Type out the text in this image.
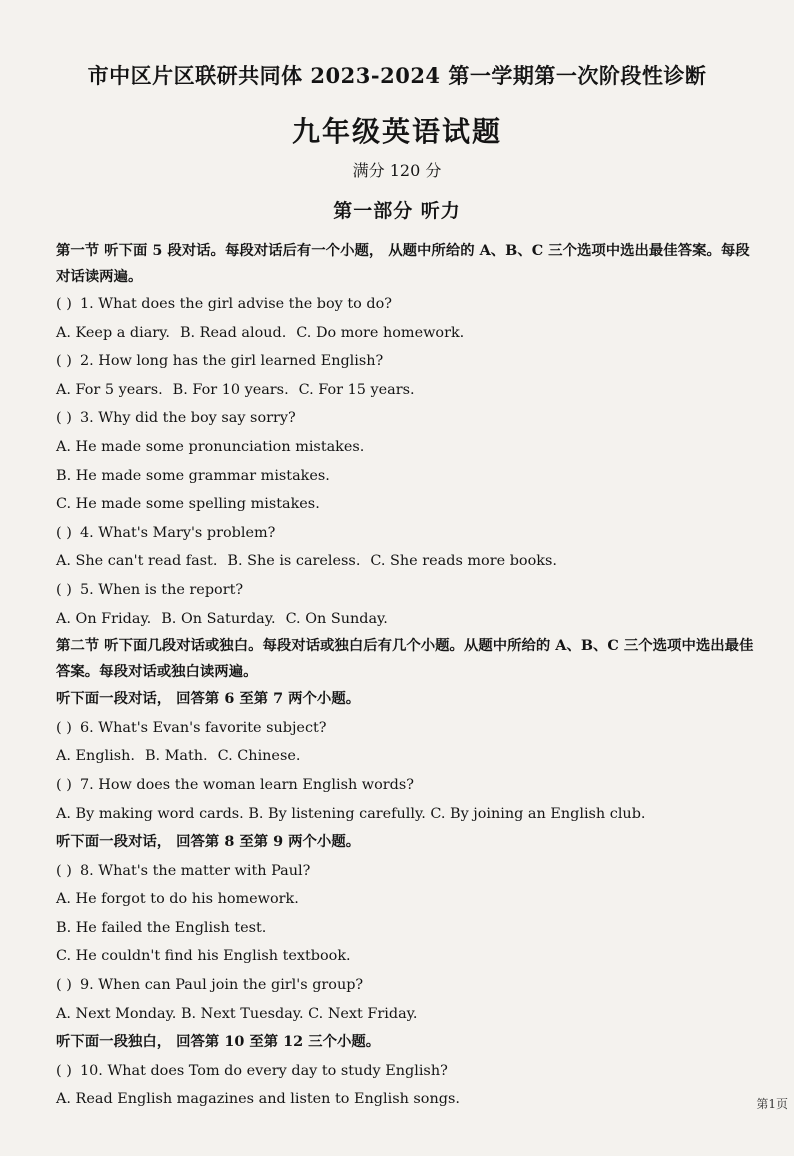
市中区片区联研共同体 2023-2024 第一学期第一次阶段性诊断
九年级英语试题
满分 120 分
第一部分 听力
第一节 听下面 5 段对话。每段对话后有一个小题， 从题中所给的 A、B、C 三个选项中选出最佳答案。每段对话读两遍。
( ) 1. What does the girl advise the boy to do?
A. Keep a diary. B. Read aloud. C. Do more homework.
( ) 2. How long has the girl learned English?
A. For 5 years. B. For 10 years. C. For 15 years.
( ) 3. Why did the boy say sorry?
A. He made some pronunciation mistakes.
B. He made some grammar mistakes.
C. He made some spelling mistakes.
( ) 4. What's Mary's problem?
A. She can't read fast. B. She is careless. C. She reads more books.
( ) 5. When is the report?
A. On Friday. B. On Saturday. C. On Sunday.
第二节 听下面几段对话或独白。每段对话或独白后有几个小题。从题中所给的 A、B、C 三个选项中选出最佳答案。每段对话或独白读两遍。
听下面一段对话， 回答第 6 至第 7 两个小题。
( ) 6. What's Evan's favorite subject?
A. English. B. Math. C. Chinese.
( ) 7. How does the woman learn English words?
A. By making word cards. B. By listening carefully. C. By joining an English club.
听下面一段对话， 回答第 8 至第 9 两个小题。
( ) 8. What's the matter with Paul?
A. He forgot to do his homework.
B. He failed the English test.
C. He couldn't find his English textbook.
( ) 9. When can Paul join the girl's group?
A. Next Monday. B. Next Tuesday. C. Next Friday.
听下面一段独白， 回答第 10 至第 12 三个小题。
( ) 10. What does Tom do every day to study English?
A. Read English magazines and listen to English songs.	第1页
